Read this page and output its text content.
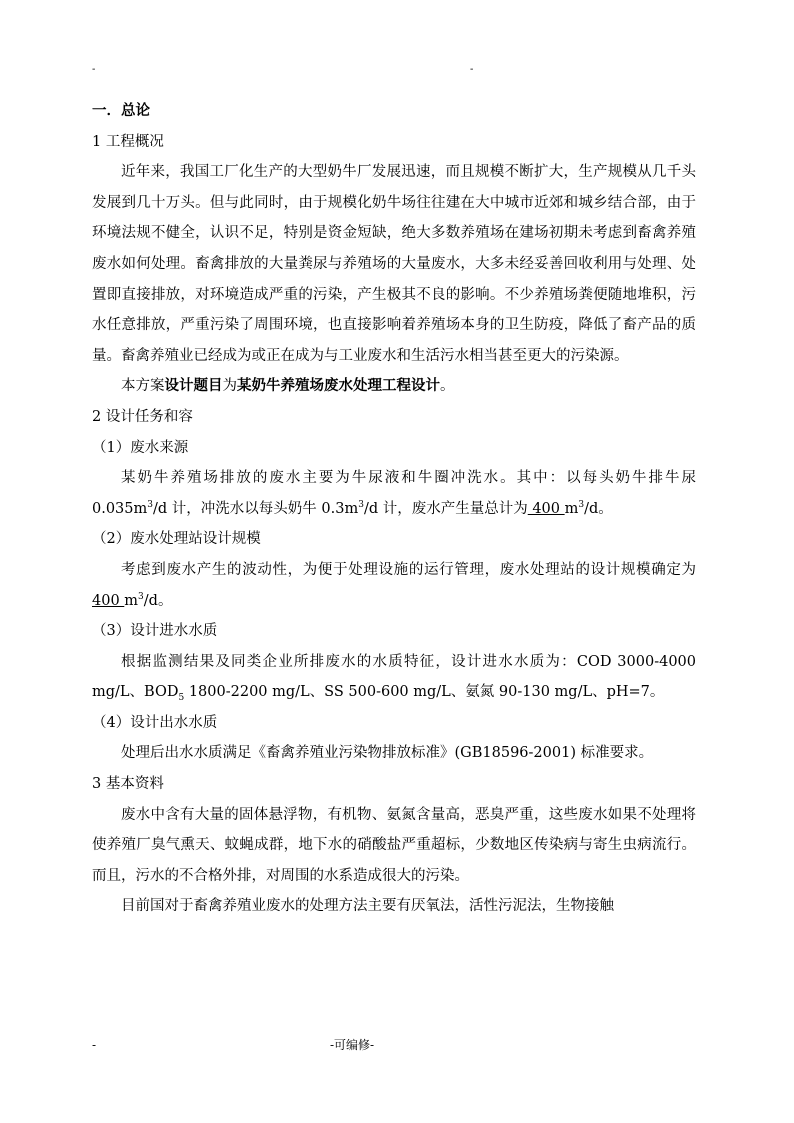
-	-

一．总论

1 工程概况

近年来，我国工厂化生产的大型奶牛厂发展迅速，而且规模不断扩大，生产规模从几千头发展到几十万头。但与此同时，由于规模化奶牛场往往建在大中城市近郊和城乡结合部，由于环境法规不健全，认识不足，特别是资金短缺，绝大多数养殖场在建场初期未考虑到畜禽养殖废水如何处理。畜禽排放的大量粪尿与养殖场的大量废水，大多未经妥善回收利用与处理、处置即直接排放，对环境造成严重的污染，产生极其不良的影响。不少养殖场粪便随地堆积，污水任意排放，严重污染了周围环境，也直接影响着养殖场本身的卫生防疫，降低了畜产品的质量。畜禽养殖业已经成为或正在成为与工业废水和生活污水相当甚至更大的污染源。

本方案设计题目为某奶牛养殖场废水处理工程设计。

2 设计任务和容

（1）废水来源

某奶牛养殖场排放的废水主要为牛尿液和牛圈冲洗水。其中：以每头奶牛排牛尿 $0.035m^3/d$ 计，冲洗水以每头奶牛 $0.3m^3/d$ 计，废水产生量总计为 400 $m^3/d$。

（2）废水处理站设计规模

考虑到废水产生的波动性，为便于处理设施的运行管理，废水处理站的设计规模确定为 400 $m^3/d$。

（3）设计进水水质

根据监测结果及同类企业所排废水的水质特征，设计进水水质为：COD 3000-4000 mg/L、$BOD_5$ 1800-2200 mg/L、SS 500-600 mg/L、氨氮 90-130 mg/L、pH=7。

（4）设计出水水质

处理后出水水质满足《畜禽养殖业污染物排放标准》(GB18596-2001) 标准要求。

3 基本资料

废水中含有大量的固体悬浮物，有机物、氨氮含量高，恶臭严重，这些废水如果不处理将使养殖厂臭气熏天、蚊蝇成群，地下水的硝酸盐严重超标，少数地区传染病与寄生虫病流行。而且，污水的不合格外排，对周围的水系造成很大的污染。

目前国对于畜禽养殖业废水的处理方法主要有厌氧法，活性污泥法，生物接触

-	-可编修-
